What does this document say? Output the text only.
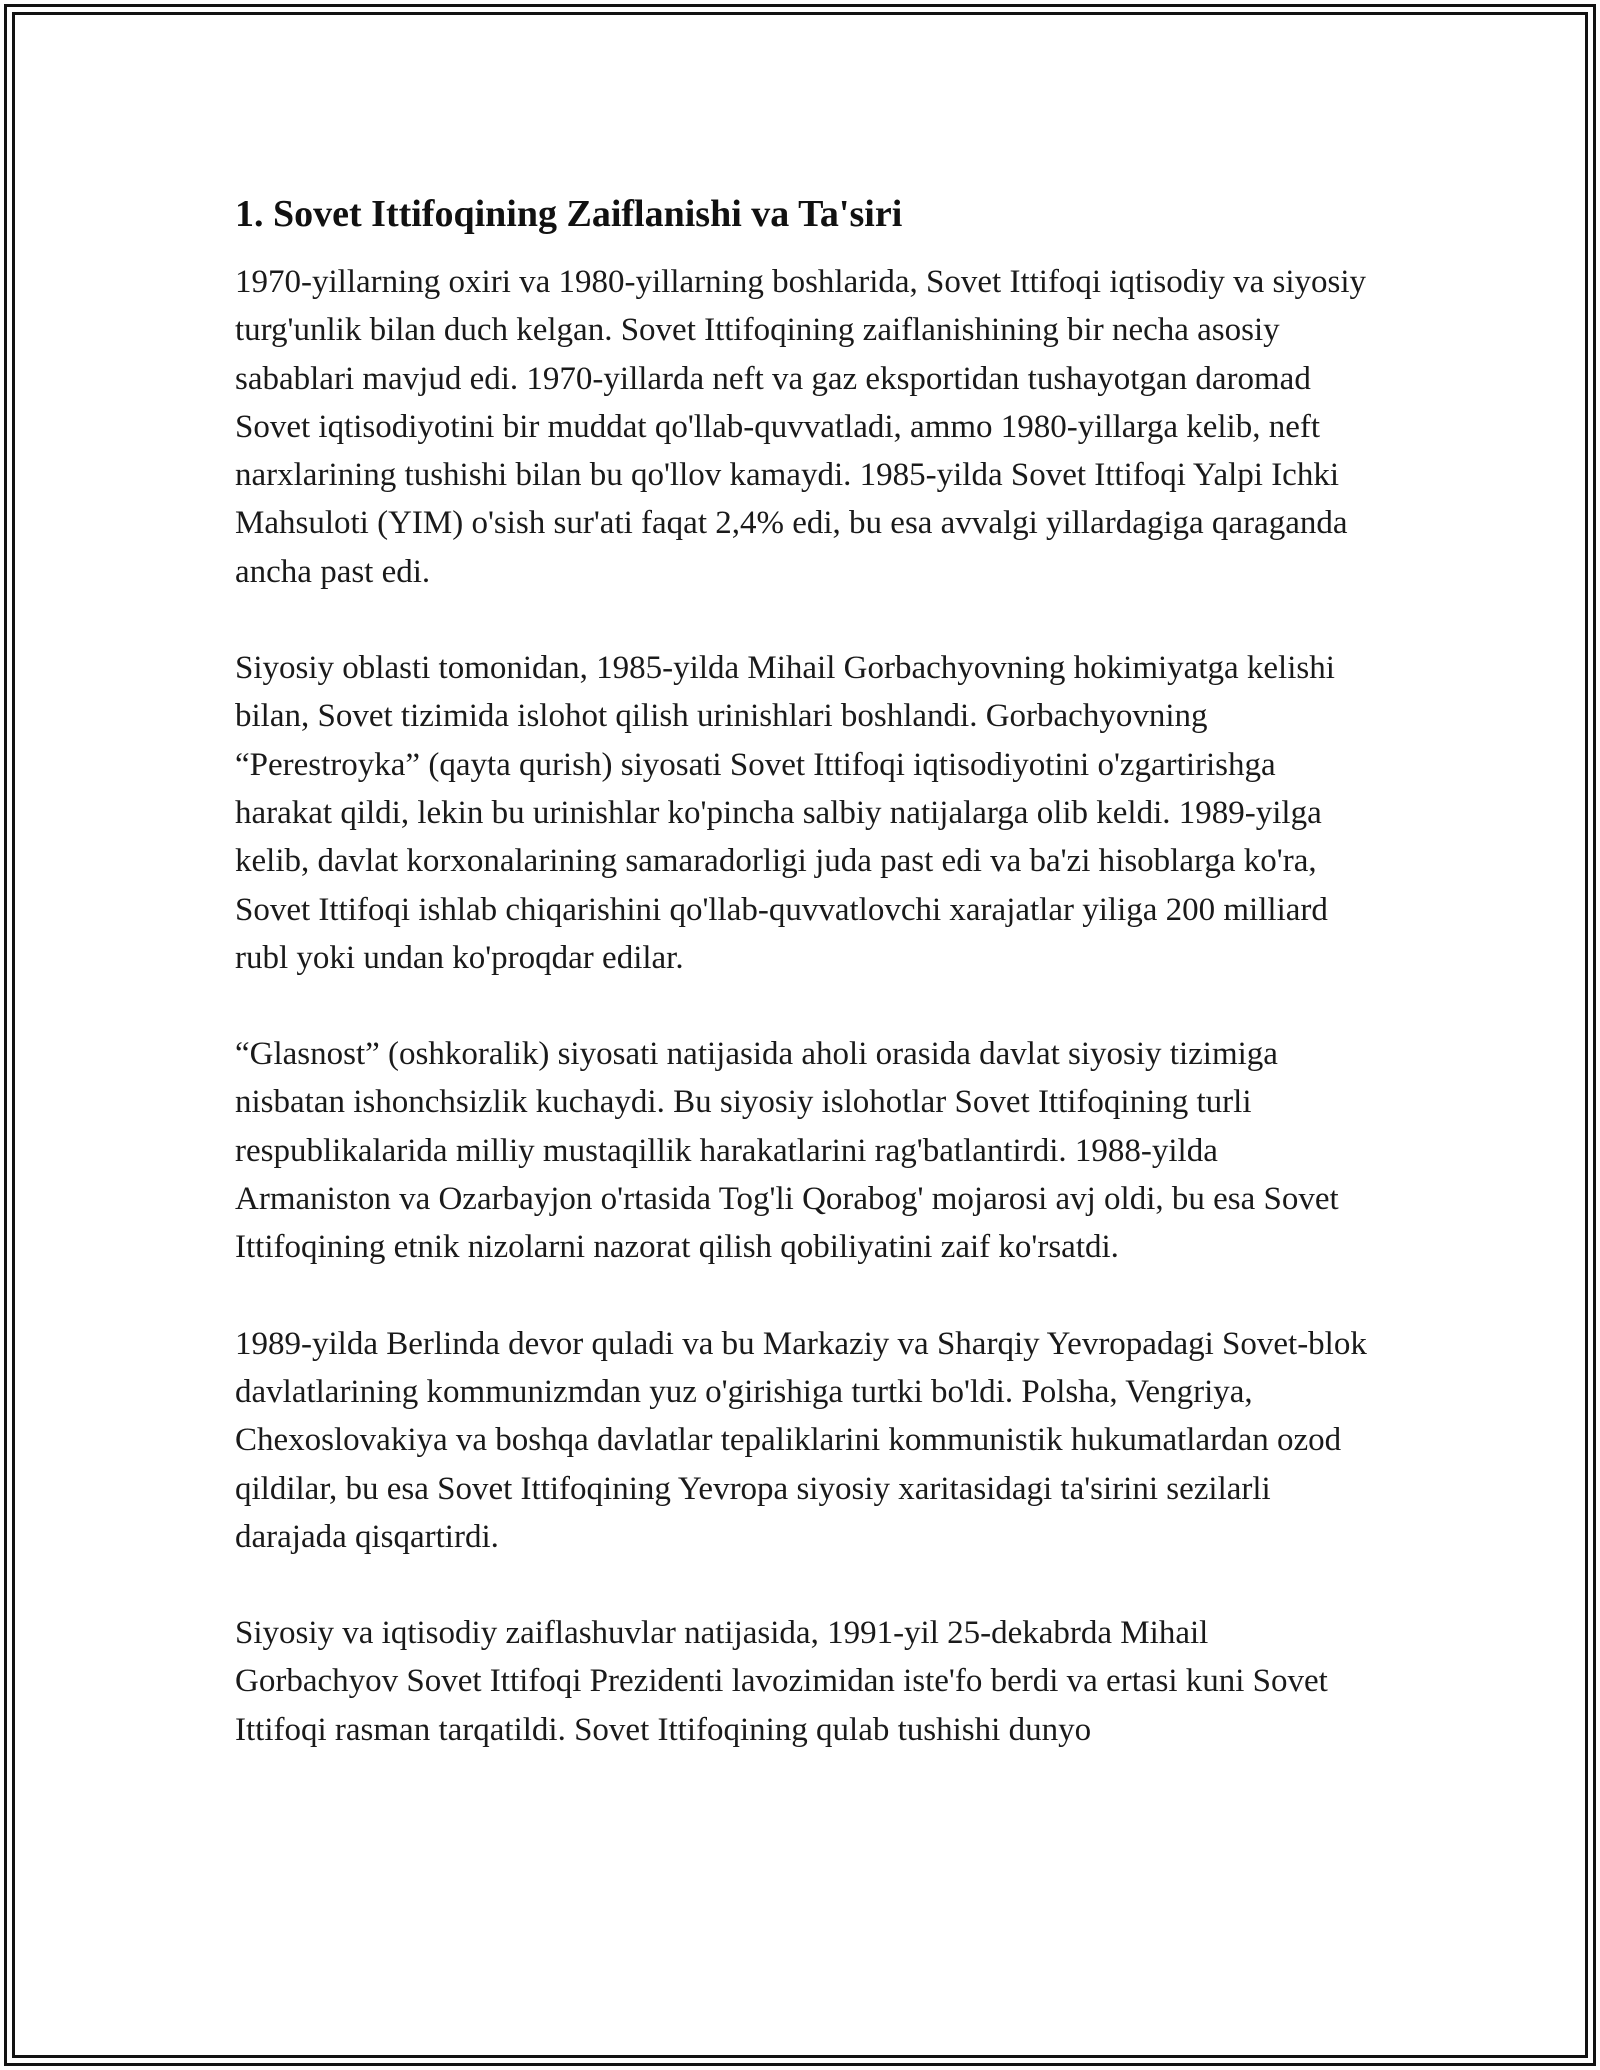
1. Sovet Ittifoqining Zaiflanishi va Ta'siri

1970-yillarning oxiri va 1980-yillarning boshlarida, Sovet Ittifoqi iqtisodiy va siyosiy turg'unlik bilan duch kelgan. Sovet Ittifoqining zaiflanishining bir necha asosiy sabablari mavjud edi. 1970-yillarda neft va gaz eksportidan tushayotgan daromad Sovet iqtisodiyotini bir muddat qo'llab-quvvatladi, ammo 1980-yillarga kelib, neft narxlarining tushishi bilan bu qo'llov kamaydi. 1985-yilda Sovet Ittifoqi Yalpi Ichki Mahsuloti (YIM) o'sish sur'ati faqat 2,4% edi, bu esa avvalgi yillardagiga qaraganda ancha past edi.

Siyosiy oblasti tomonidan, 1985-yilda Mihail Gorbachyovning hokimiyatga kelishi bilan, Sovet tizimida islohot qilish urinishlari boshlandi. Gorbachyovning “Perestroyka” (qayta qurish) siyosati Sovet Ittifoqi iqtisodiyotini o'zgartirishga harakat qildi, lekin bu urinishlar ko'pincha salbiy natijalarga olib keldi. 1989-yilga kelib, davlat korxonalarining samaradorligi juda past edi va ba'zi hisoblarga ko'ra, Sovet Ittifoqi ishlab chiqarishini qo'llab-quvvatlovchi xarajatlar yiliga 200 milliard rubl yoki undan ko'proqdar edilar.

“Glasnost” (oshkoralik) siyosati natijasida aholi orasida davlat siyosiy tizimiga nisbatan ishonchsizlik kuchaydi. Bu siyosiy islohotlar Sovet Ittifoqining turli respublikalarida milliy mustaqillik harakatlarini rag'batlantirdi. 1988-yilda Armaniston va Ozarbayjon o'rtasida Tog'li Qorabog' mojarosi avj oldi, bu esa Sovet Ittifoqining etnik nizolarni nazorat qilish qobiliyatini zaif ko'rsatdi.

1989-yilda Berlinda devor quladi va bu Markaziy va Sharqiy Yevropadagi Sovet-blok davlatlarining kommunizmdan yuz o'girishiga turtki bo'ldi. Polsha, Vengriya, Chexoslovakiya va boshqa davlatlar tepaliklarini kommunistik hukumatlardan ozod qildilar, bu esa Sovet Ittifoqining Yevropa siyosiy xaritasidagi ta'sirini sezilarli darajada qisqartirdi.

Siyosiy va iqtisodiy zaiflashuvlar natijasida, 1991-yil 25-dekabrda Mihail Gorbachyov Sovet Ittifoqi Prezidenti lavozimidan iste'fo berdi va ertasi kuni Sovet Ittifoqi rasman tarqatildi. Sovet Ittifoqining qulab tushishi dunyo
